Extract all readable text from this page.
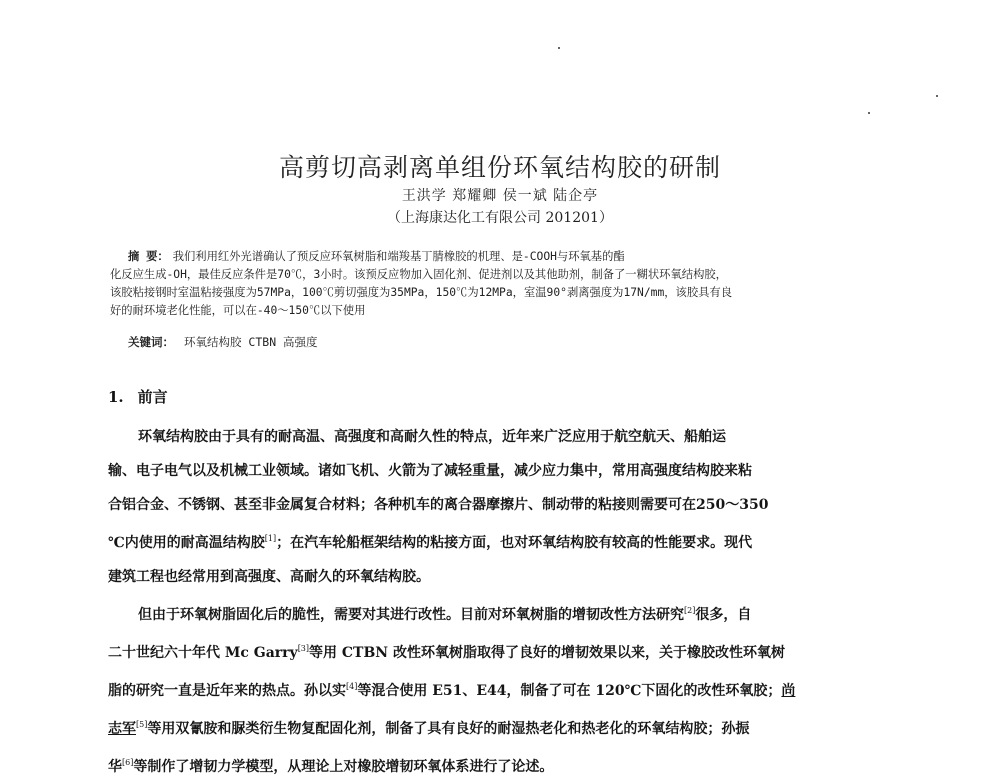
高剪切高剥离单组份环氧结构胶的研制
王洪学 郑耀卿 侯一斌 陆企亭
（上海康达化工有限公司 201201）
摘 要： 我们利用红外光谱确认了预反应环氧树脂和端羧基丁腈橡胶的机理、是-COOH与环氧基的酯
化反应生成-OH，最佳反应条件是70℃，3小时。该预反应物加入固化剂、促进剂以及其他助剂，制备了一糊状环氧结构胶，
该胶粘接钢时室温粘接强度为57MPa，100℃剪切强度为35MPa，150℃为12MPa，室温90°剥离强度为17N/mm，该胶具有良
好的耐环境老化性能，可以在-40～150℃以下使用
关键词： 环氧结构胶 CTBN 高强度
1. 前言
环氧结构胶由于具有的耐高温、高强度和高耐久性的特点，近年来广泛应用于航空航天、船舶运
输、电子电气以及机械工业领域。诸如飞机、火箭为了减轻重量，减少应力集中，常用高强度结构胶来粘
合铝合金、不锈钢、甚至非金属复合材料；各种机车的离合器摩擦片、制动带的粘接则需要可在250～350
℃内使用的耐高温结构胶[1]；在汽车轮船框架结构的粘接方面，也对环氧结构胶有较高的性能要求。现代
建筑工程也经常用到高强度、高耐久的环氧结构胶。
但由于环氧树脂固化后的脆性，需要对其进行改性。目前对环氧树脂的增韧改性方法研究[2]很多，自
二十世纪六十年代 Mc Garry[3]等用 CTBN 改性环氧树脂取得了良好的增韧效果以来，关于橡胶改性环氧树
脂的研究一直是近年来的热点。孙以实[4]等混合使用 E51、E44，制备了可在 120℃下固化的改性环氧胶；尚
志军[5]等用双氰胺和脲类衍生物复配固化剂，制备了具有良好的耐湿热老化和热老化的环氧结构胶；孙振
华[6]等制作了增韧力学模型，从理论上对橡胶增韧环氧体系进行了论述。
